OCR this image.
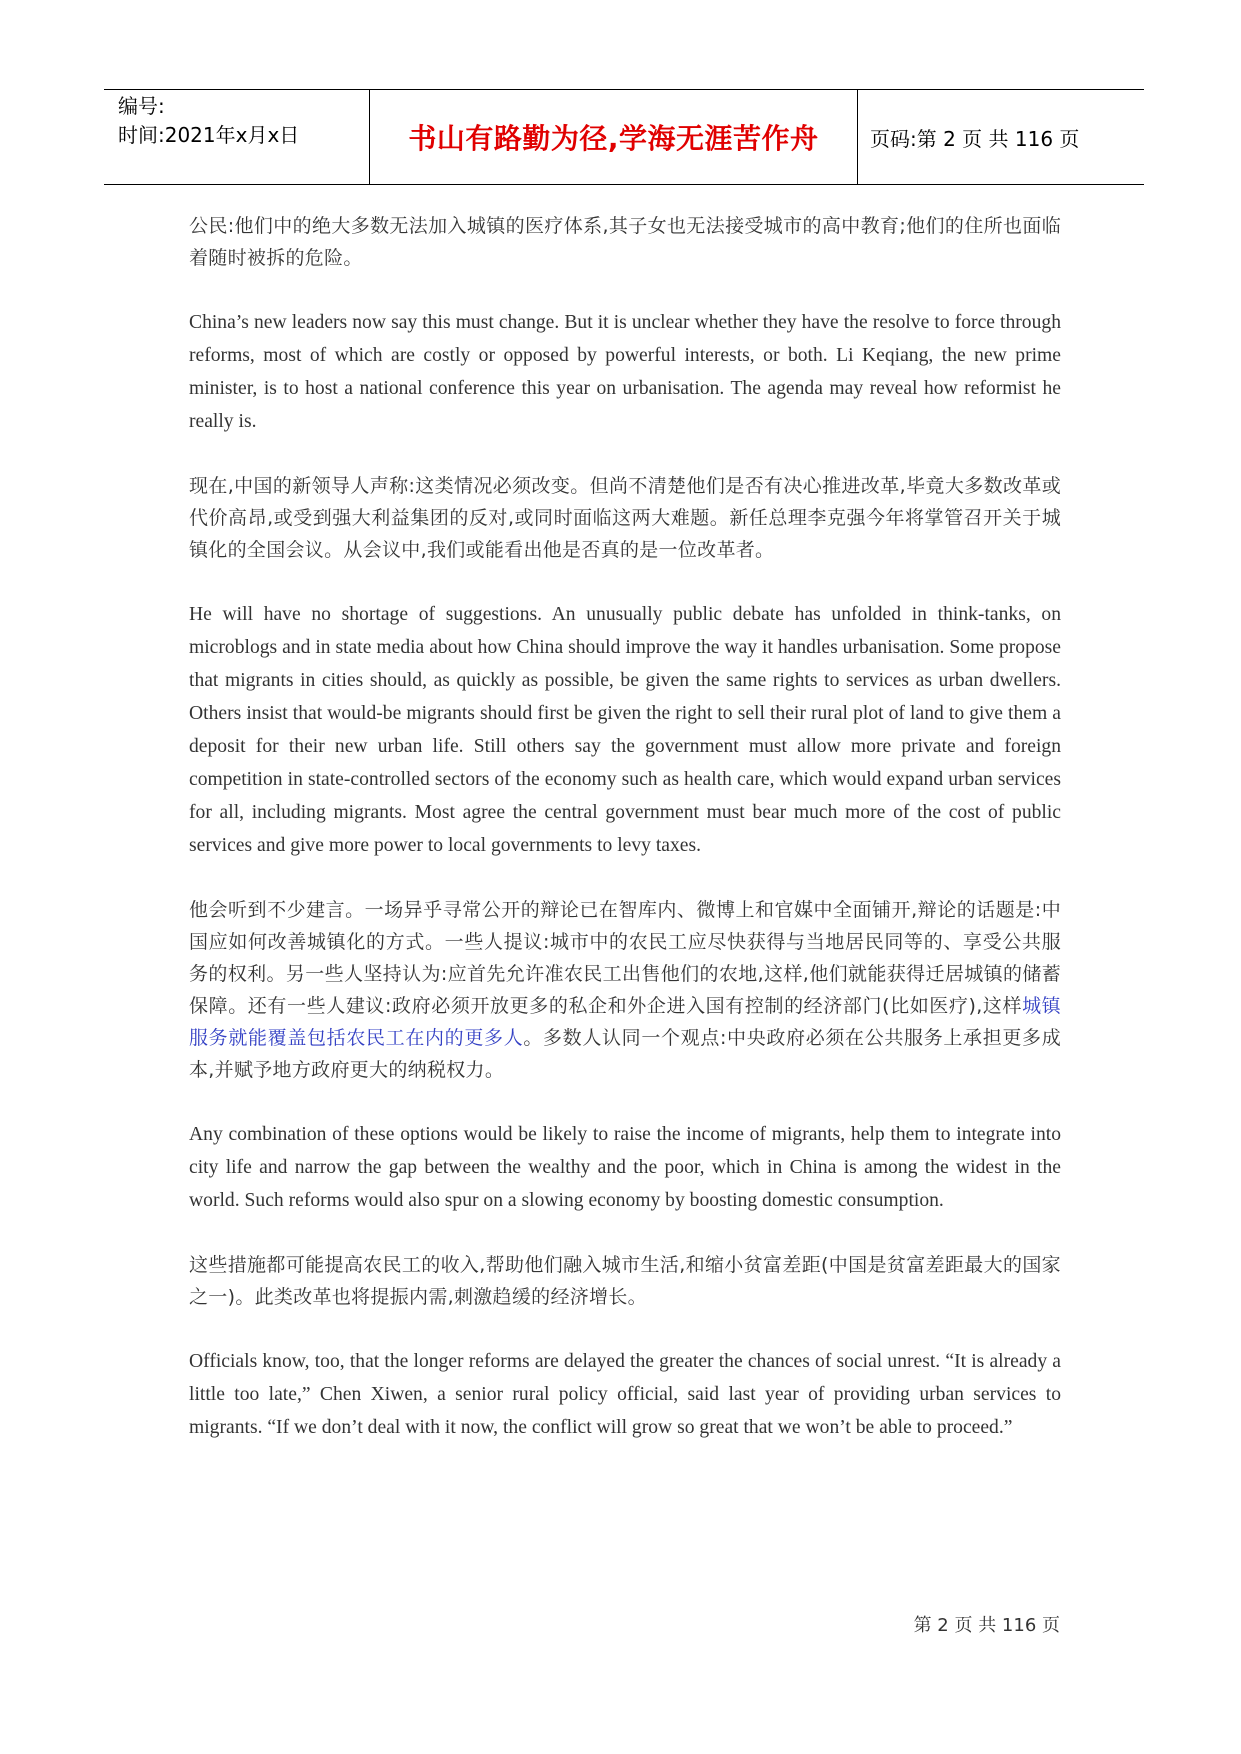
编号:
时间:2021年x月x日	书山有路勤为径,学海无涯苦作舟	页码:第 2 页 共 116 页

公民:他们中的绝大多数无法加入城镇的医疗体系,其子女也无法接受城市的高中教育;他们的住所也面临着随时被拆的危险。

China’s new leaders now say this must change. But it is unclear whether they have the resolve to force through reforms, most of which are costly or opposed by powerful interests, or both. Li Keqiang, the new prime minister, is to host a national conference this year on urbanisation. The agenda may reveal how reformist he really is.

现在,中国的新领导人声称:这类情况必须改变。但尚不清楚他们是否有决心推进改革,毕竟大多数改革或代价高昂,或受到强大利益集团的反对,或同时面临这两大难题。新任总理李克强今年将掌管召开关于城镇化的全国会议。从会议中,我们或能看出他是否真的是一位改革者。

He will have no shortage of suggestions. An unusually public debate has unfolded in think-tanks, on microblogs and in state media about how China should improve the way it handles urbanisation. Some propose that migrants in cities should, as quickly as possible, be given the same rights to services as urban dwellers. Others insist that would-be migrants should first be given the right to sell their rural plot of land to give them a deposit for their new urban life. Still others say the government must allow more private and foreign competition in state-controlled sectors of the economy such as health care, which would expand urban services for all, including migrants. Most agree the central government must bear much more of the cost of public services and give more power to local governments to levy taxes.

他会听到不少建言。一场异乎寻常公开的辩论已在智库内、微博上和官媒中全面铺开,辩论的话题是:中国应如何改善城镇化的方式。一些人提议:城市中的农民工应尽快获得与当地居民同等的、享受公共服务的权利。另一些人坚持认为:应首先允许准农民工出售他们的农地,这样,他们就能获得迁居城镇的储蓄保障。还有一些人建议:政府必须开放更多的私企和外企进入国有控制的经济部门(比如医疗),这样城镇服务就能覆盖包括农民工在内的更多人。多数人认同一个观点:中央政府必须在公共服务上承担更多成本,并赋予地方政府更大的纳税权力。

Any combination of these options would be likely to raise the income of migrants, help them to integrate into city life and narrow the gap between the wealthy and the poor, which in China is among the widest in the world. Such reforms would also spur on a slowing economy by boosting domestic consumption.

这些措施都可能提高农民工的收入,帮助他们融入城市生活,和缩小贫富差距(中国是贫富差距最大的国家之一)。此类改革也将提振内需,刺激趋缓的经济增长。

Officials know, too, that the longer reforms are delayed the greater the chances of social unrest. “It is already a little too late,” Chen Xiwen, a senior rural policy official, said last year of providing urban services to migrants. “If we don’t deal with it now, the conflict will grow so great that we won’t be able to proceed.”

第 2 页 共 116 页
